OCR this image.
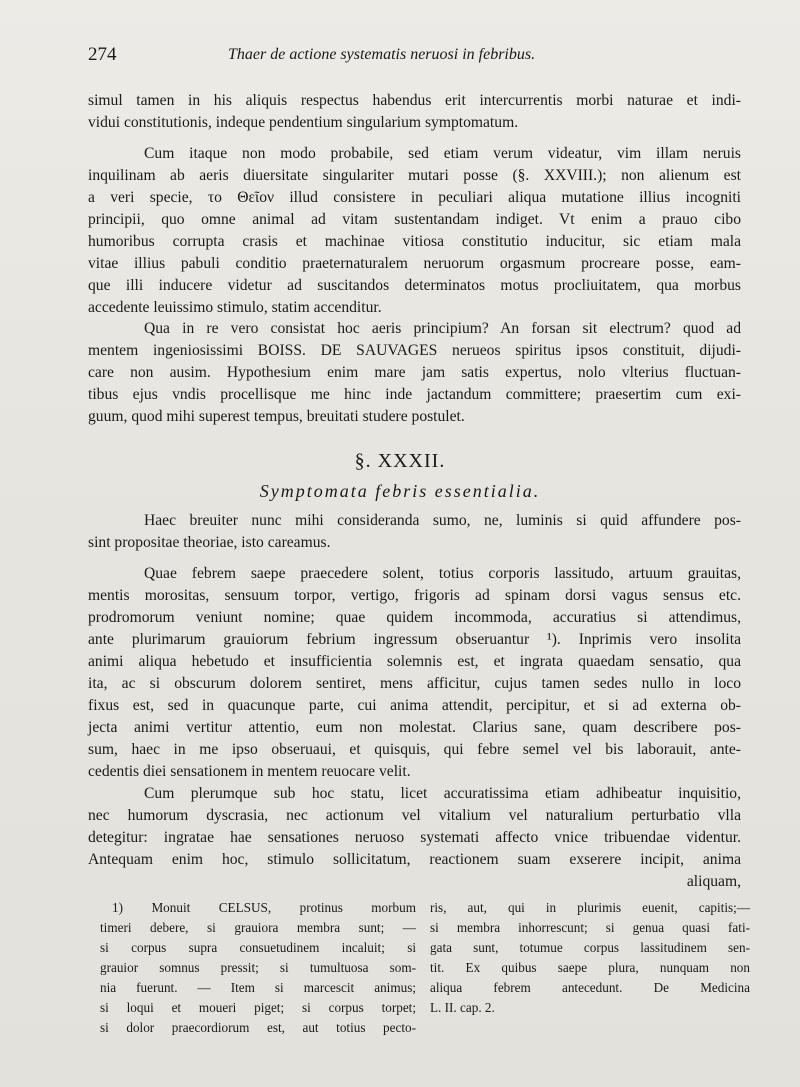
274	Thaer de actione systematis neruosi in febribus.
simul tamen in his aliquis respectus habendus erit intercurrentis morbi naturae et indi-
vidui constitutionis, indeque pendentium singularium symptomatum.
Cum itaque non modo probabile, sed etiam verum videatur, vim illam neruis
inquilinam ab aeris diuersitate singulariter mutari posse (§. XXVIII.); non alienum est
a veri specie, το Θεῖον illud consistere in peculiari aliqua mutatione illius incogniti
principii, quo omne animal ad vitam sustentandam indiget. Vt enim a prauo cibo
humoribus corrupta crasis et machinae vitiosa constitutio inducitur, sic etiam mala
vitae illius pabuli conditio praeternaturalem neruorum orgasmum procreare posse, eam-
que illi inducere videtur ad suscitandos determinatos motus procliuitatem, qua morbus
accedente leuissimo stimulo, statim accenditur.
Qua in re vero consistat hoc aeris principium? An forsan sit electrum? quod ad
mentem ingeniosissimi BOISS. DE SAUVAGES neruеos spiritus ipsos constituit, dijudi-
care non ausim. Hypothesium enim mare jam satis expertus, nolo vlterius fluctuan-
tibus ejus vndis procellisque me hinc inde jactandum committere; praesertim cum exi-
guum, quod mihi superest tempus, breuitati studere postulet.
§. XXXII.
Symptomata febris essentialia.
Haec breuiter nunc mihi consideranda sumo, ne, luminis si quid affundere pos-
sint propositae theoriae, isto careamus.
Quae febrem saepe praecedere solent, totius corporis lassitudo, artuum grauitas,
mentis morositas, sensuum torpor, vertigo, frigoris ad spinam dorsi vagus sensus etc.
prodromorum veniunt nomine; quae quidem incommoda, accuratius si attendimus,
ante plurimarum grauiorum febrium ingressum obseruantur ¹). Inprimis vero insolita
animi aliqua hebetudo et insufficientia solemnis est, et ingrata quaedam sensatio, qua
ita, ac si obscurum dolorem sentiret, mens afficitur, cujus tamen sedes nullo in loco
fixus est, sed in quacunque parte, cui anima attendit, percipitur, et si ad externa ob-
jecta animi vertitur attentio, eum non molestat. Clarius sane, quam describere pos-
sum, haec in me ipso obseruaui, et quisquis, qui febre semel vel bis laborauit, ante-
cedentis diei sensationem in mentem reuocare velit.
Cum plerumque sub hoc statu, licet accuratissima etiam adhibeatur inquisitio,
nec humorum dyscrasia, nec actionum vel vitalium vel naturalium perturbatio vlla
detegitur: ingratae hae sensationes neruoso systemati affecto vnice tribuendae videntur.
Antequam enim hoc, stimulo sollicitatum, reactionem suam exserere incipit, anima
aliquam,
1) Monuit CELSUS, protinus morbum
timeri debere, si grauiora membra sunt; —
si corpus supra consuetudinem incaluit; si
grauior somnus pressit; si tumultuosa som-
nia fuerunt. — Item si marcescit animus;
si loqui et moueri piget; si corpus torpet;
si dolor praecordiorum est, aut totius pecto-
ris, aut, qui in plurimis euenit, capitis;—
si membra inhorrescunt; si genua quasi fati-
gata sunt, totumue corpus lassitudinem sen-
tit. Ex quibus saepe plura, nunquam non
aliqua febrem antecedunt. De Medicina
L. II. cap. 2.
